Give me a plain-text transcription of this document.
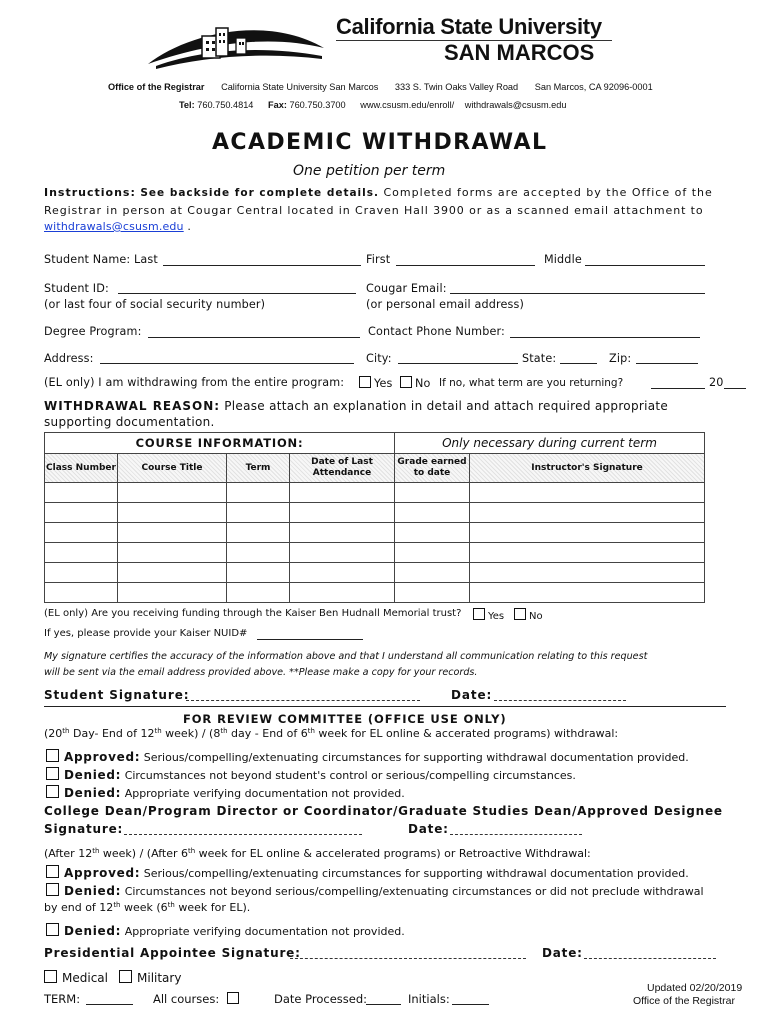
California State University
SAN MARCOS
Office of the Registrar California State University San Marcos 333 S. Twin Oaks Valley Road San Marcos, CA 92096-0001
Tel: 760.750.4814 Fax: 760.750.3700 www.csusm.edu/enroll/ withdrawals@csusm.edu
ACADEMIC WITHDRAWAL
One petition per term
Instructions: See backside for complete details. Completed forms are accepted by the Office of the
Registrar in person at Cougar Central located in Craven Hall 3900 or as a scanned email attachment to
withdrawals@csusm.edu .
Student Name: Last	First	Middle
Student ID:
(or last four of social security number)
Cougar Email:
(or personal email address)
Degree Program:	Contact Phone Number:
Address:	City:	State:	Zip:
(EL only) I am withdrawing from the entire program:	Yes	No If no, what term are you returning?	20
WITHDRAWAL REASON: Please attach an explanation in detail and attach required appropriate
supporting documentation.
COURSE INFORMATION:				Only necessary during current term	
Class Number	Course Title	Term	Date of Last Attendance	Grade earned to date	Instructor's Signature

(EL only) Are you receiving funding through the Kaiser Ben Hudnall Memorial trust?	Yes	No
If yes, please provide your Kaiser NUID#
My signature certifies the accuracy of the information above and that I understand all communication relating to this request
will be sent via the email address provided above. **Please make a copy for your records.
Student Signature:	Date:
FOR REVIEW COMMITTEE (OFFICE USE ONLY)
(20th Day- End of 12th week) / (8th day - End of 6th week for EL online & accerated programs) withdrawal:
Approved: Serious/compelling/extenuating circumstances for supporting withdrawal documentation provided.
Denied: Circumstances not beyond student's control or serious/compelling circumstances.
Denied: Appropriate verifying documentation not provided.
College Dean/Program Director or Coordinator/Graduate Studies Dean/Approved Designee
Signature:	Date:
(After 12th week) / (After 6th week for EL online & accelerated programs) or Retroactive Withdrawal:
Approved: Serious/compelling/extenuating circumstances for supporting withdrawal documentation provided.
Denied: Circumstances not beyond serious/compelling/extenuating circumstances or did not preclude withdrawal
by end of 12th week (6th week for EL).
Denied: Appropriate verifying documentation not provided.
Presidential Appointee Signature:	Date:
Medical	Military
TERM:	All courses:	Date Processed:	Initials:
Updated 02/20/2019
Office of the Registrar
